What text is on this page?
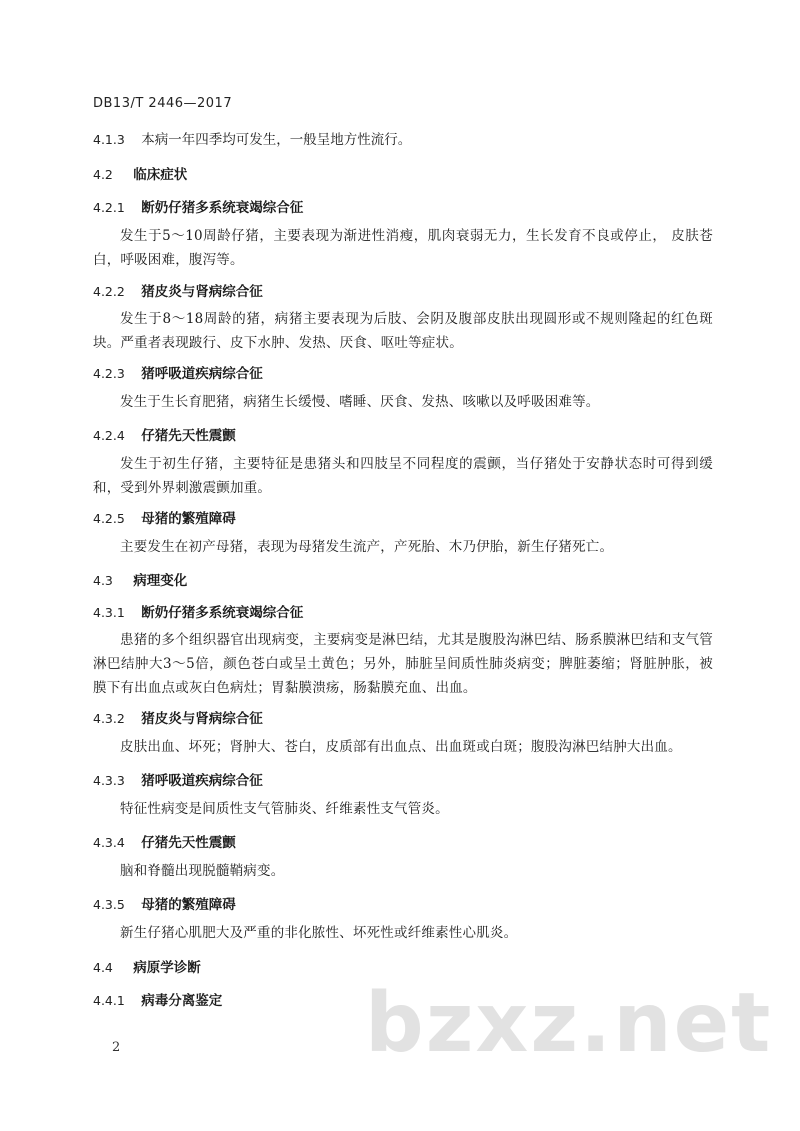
DB13/T 2446—2017
4.1.3 本病一年四季均可发生，一般呈地方性流行。
4.2 临床症状
4.2.1 断奶仔猪多系统衰竭综合征
发生于5～10周龄仔猪，主要表现为渐进性消瘦，肌肉衰弱无力，生长发育不良或停止， 皮肤苍白，呼吸困难，腹泻等。
4.2.2 猪皮炎与肾病综合征
发生于8～18周龄的猪，病猪主要表现为后肢、会阴及腹部皮肤出现圆形或不规则隆起的红色斑块。严重者表现跛行、皮下水肿、发热、厌食、呕吐等症状。
4.2.3 猪呼吸道疾病综合征
发生于生长育肥猪，病猪生长缓慢、嗜睡、厌食、发热、咳嗽以及呼吸困难等。
4.2.4 仔猪先天性震颤
发生于初生仔猪，主要特征是患猪头和四肢呈不同程度的震颤，当仔猪处于安静状态时可得到缓和，受到外界刺激震颤加重。
4.2.5 母猪的繁殖障碍
主要发生在初产母猪，表现为母猪发生流产，产死胎、木乃伊胎，新生仔猪死亡。
4.3 病理变化
4.3.1 断奶仔猪多系统衰竭综合征
患猪的多个组织器官出现病变，主要病变是淋巴结，尤其是腹股沟淋巴结、肠系膜淋巴结和支气管淋巴结肿大3～5倍，颜色苍白或呈土黄色；另外，肺脏呈间质性肺炎病变；脾脏萎缩；肾脏肿胀，被膜下有出血点或灰白色病灶；胃黏膜溃疡，肠黏膜充血、出血。
4.3.2 猪皮炎与肾病综合征
皮肤出血、坏死；肾肿大、苍白，皮质部有出血点、出血斑或白斑；腹股沟淋巴结肿大出血。
4.3.3 猪呼吸道疾病综合征
特征性病变是间质性支气管肺炎、纤维素性支气管炎。
4.3.4 仔猪先天性震颤
脑和脊髓出现脱髓鞘病变。
4.3.5 母猪的繁殖障碍
新生仔猪心肌肥大及严重的非化脓性、坏死性或纤维素性心肌炎。
4.4 病原学诊断
4.4.1 病毒分离鉴定	bzxz.net
2
